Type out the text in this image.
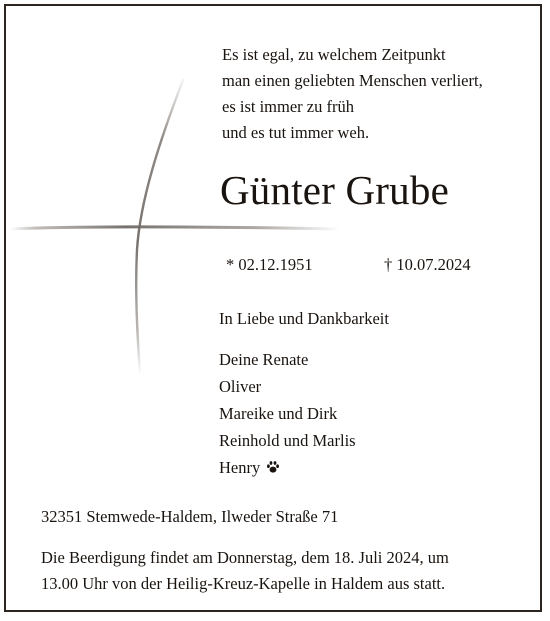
Es ist egal, zu welchem Zeitpunkt
man einen geliebten Menschen verliert,
es ist immer zu früh
und es tut immer weh.
Günter Grube
* 02.12.1951	† 10.07.2024
In Liebe und Dankbarkeit
Deine Renate
Oliver
Mareike und Dirk
Reinhold und Marlis
Henry
32351 Stemwede-Haldem, Ilweder Straße 71
Die Beerdigung findet am Donnerstag, dem 18. Juli 2024, um
13.00 Uhr von der Heilig-Kreuz-Kapelle in Haldem aus statt.
